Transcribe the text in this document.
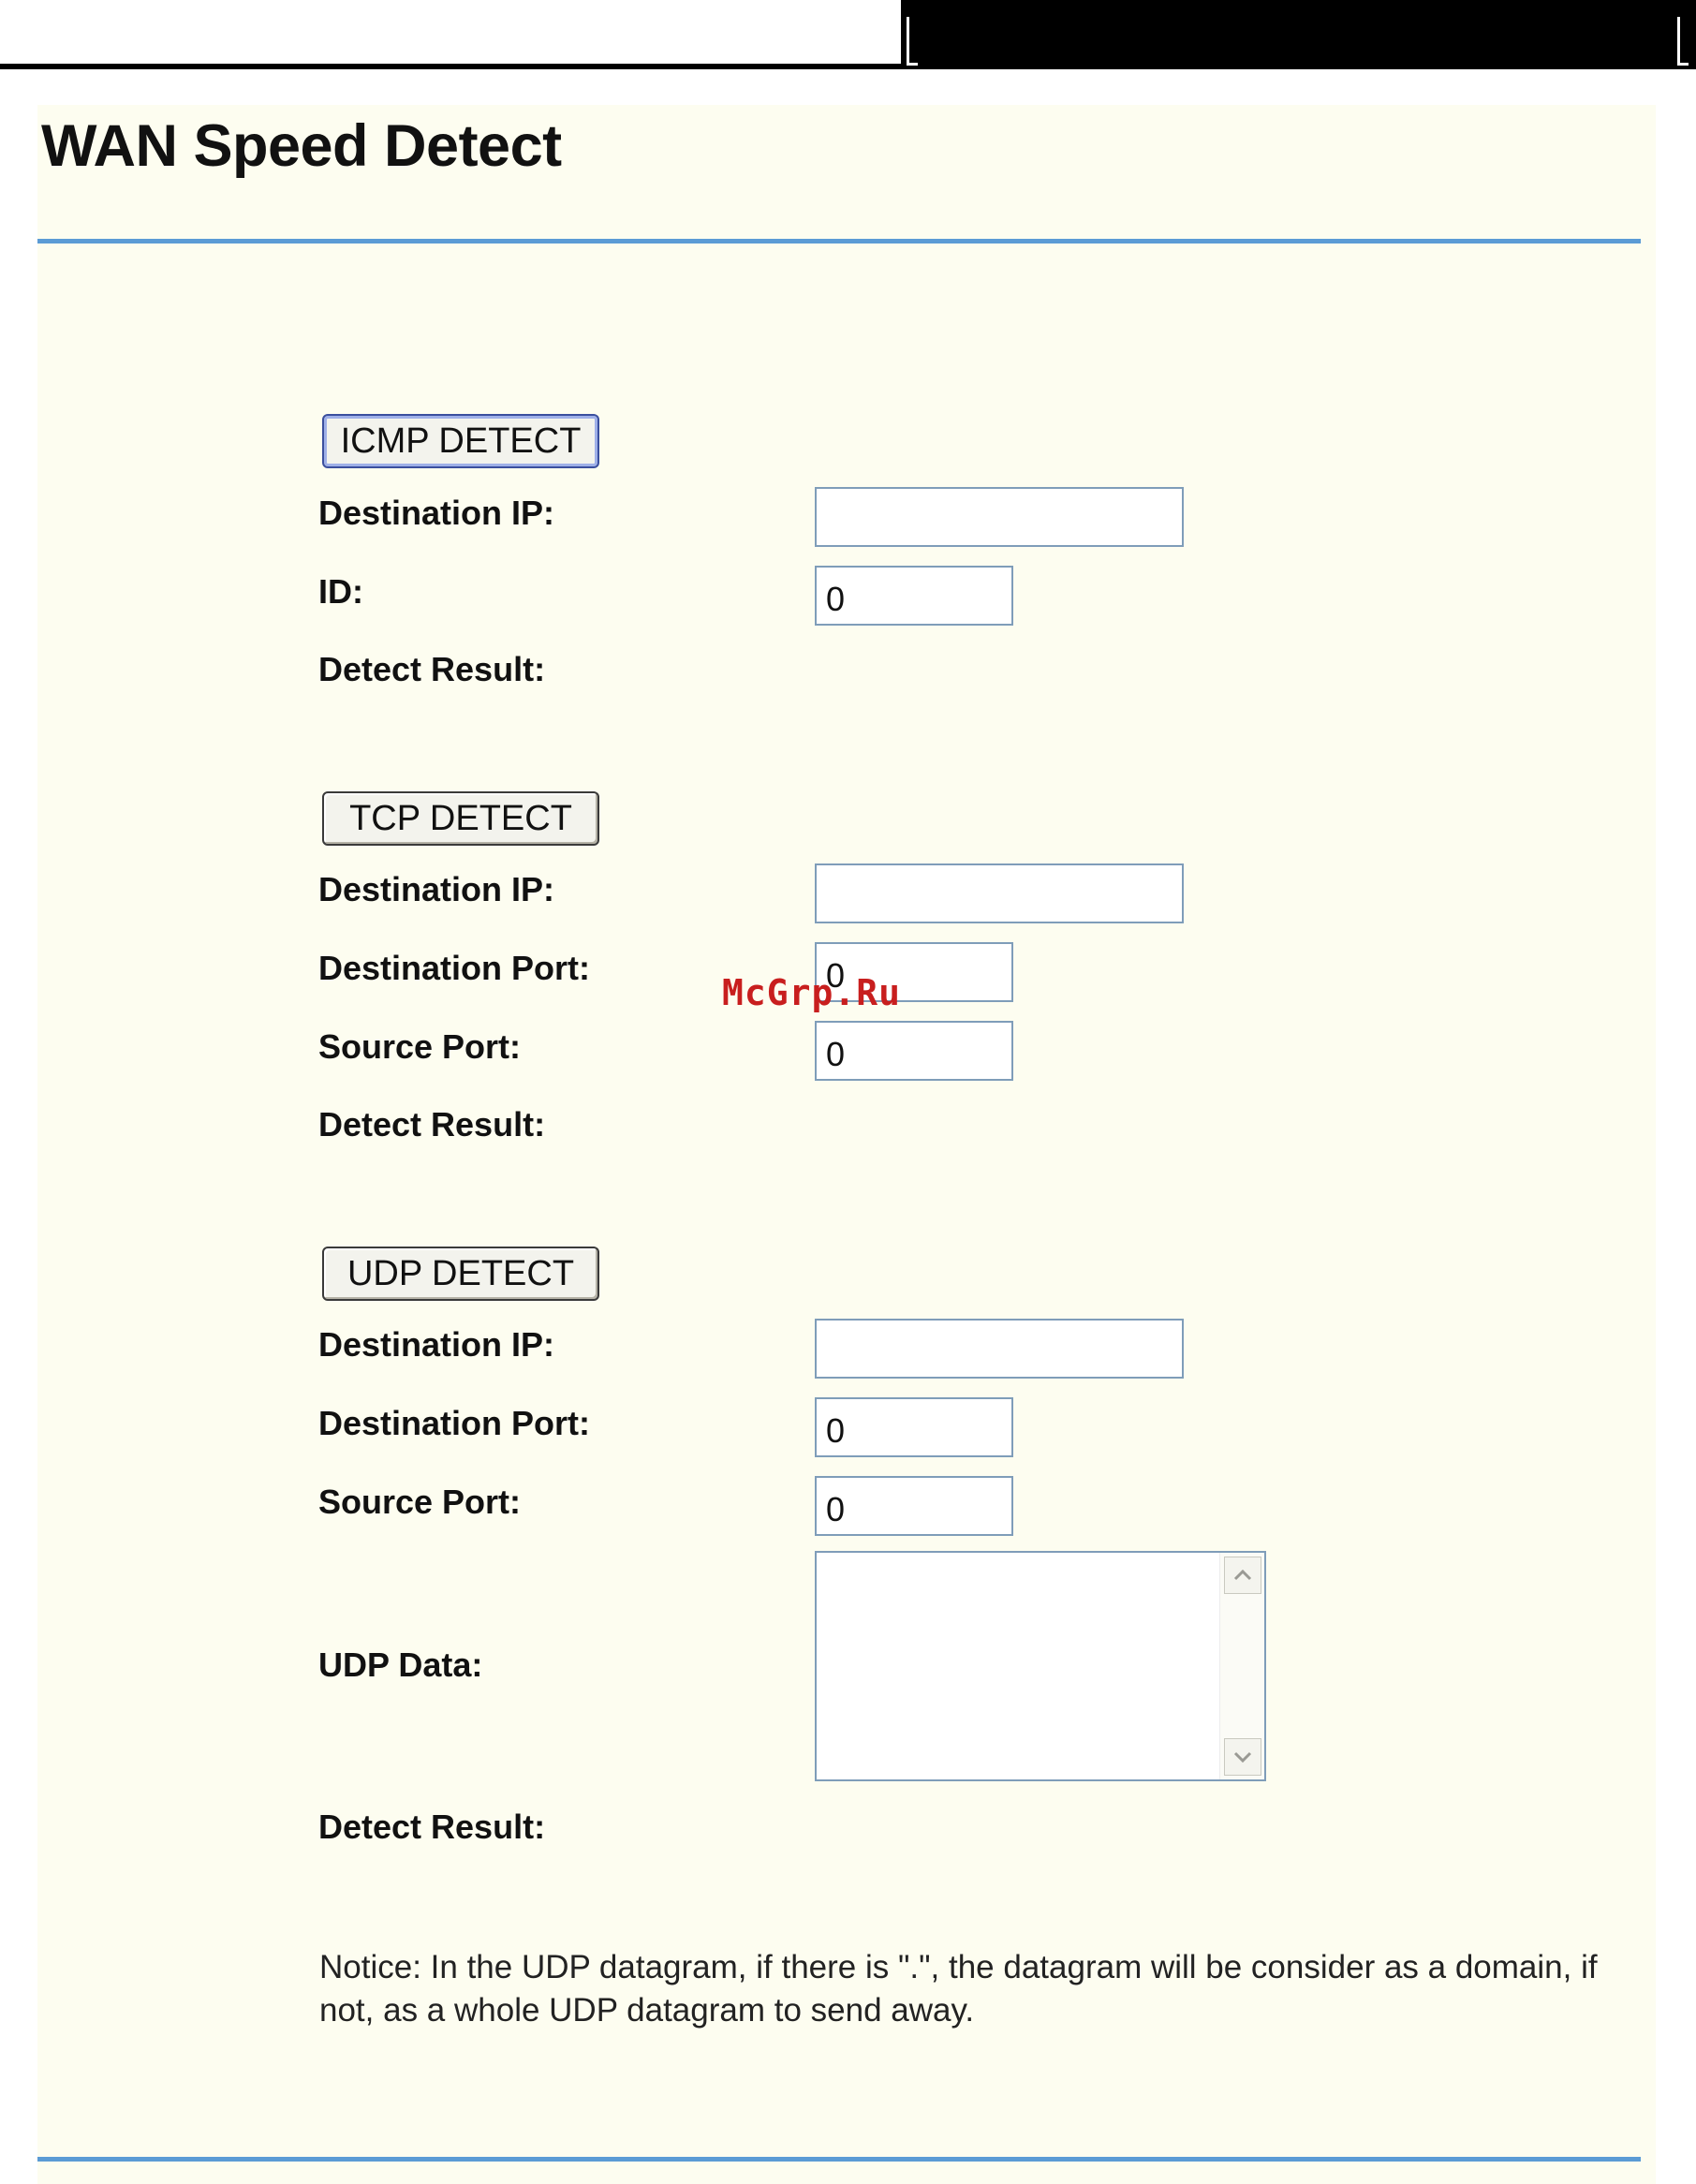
WAN Speed Detect
ICMP DETECT
Destination IP:
ID:
0
Detect Result:
TCP DETECT
Destination IP:
Destination Port:
0
Source Port:
0
Detect Result:
UDP DETECT
Destination IP:
Destination Port:
0
Source Port:
0
UDP Data:
Detect Result:
Notice: In the UDP datagram, if there is ".", the datagram will be consider as a domain, if not, as a whole UDP datagram to send away.
McGrp.Ru
